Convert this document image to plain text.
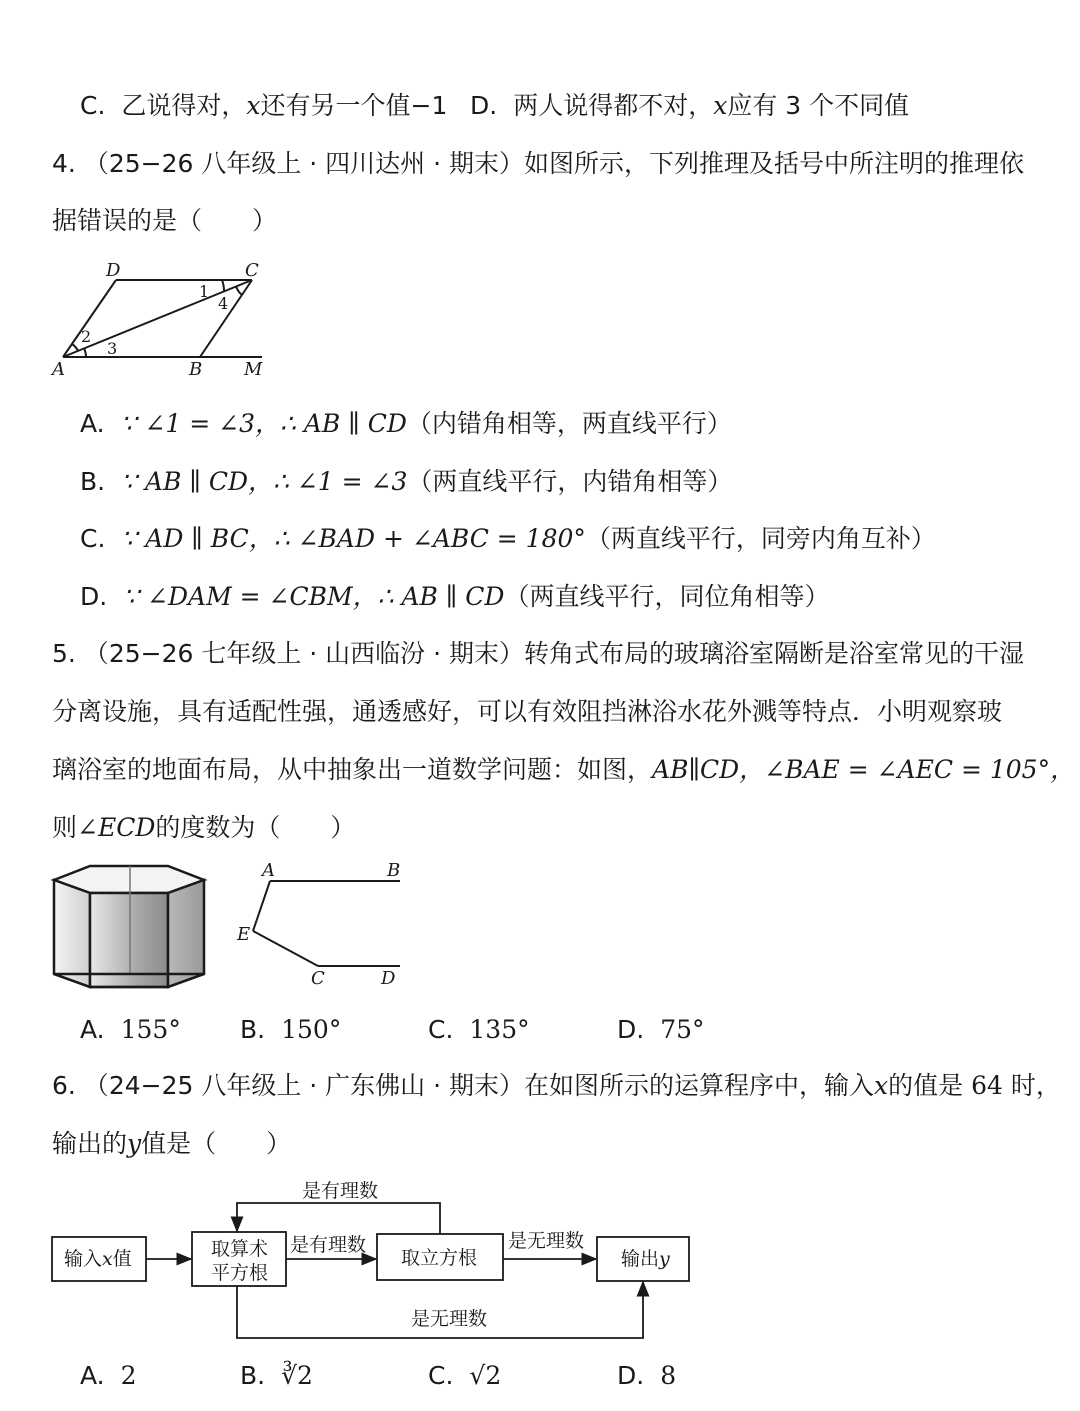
C. 乙说得对，x还有另一个值−1 D. 两人说得都不对，x应有 3 个不同值
4. （25−26 八年级上 · 四川达州 · 期末）如图所示，下列推理及括号中所注明的推理依
据错误的是（　　）
D	C
A	B M
1
4
2
3
A. ∵ ∠1 = ∠3，∴ AB ∥ CD（内错角相等，两直线平行）
B. ∵ AB ∥ CD，∴ ∠1 = ∠3（两直线平行，内错角相等）
C. ∵ AD ∥ BC，∴ ∠BAD + ∠ABC = 180°（两直线平行，同旁内角互补）
D. ∵ ∠DAM = ∠CBM，∴ AB ∥ CD（两直线平行，同位角相等）
5. （25−26 七年级上 · 山西临汾 · 期末）转角式布局的玻璃浴室隔断是浴室常见的干湿
分离设施，具有适配性强，通透感好，可以有效阻挡淋浴水花外溅等特点．小明观察玻
璃浴室的地面布局，从中抽象出一道数学问题：如图，AB∥CD，∠BAE = ∠AEC = 105°，
则∠ECD的度数为（　　）
A	B
E
C	D
A. 155° B. 150°	C. 135°	D. 75°
6. （24−25 八年级上 · 广东佛山 · 期末）在如图所示的运算程序中，输入x的值是 64 时，
输出的y值是（　　）
是有理数
是有理数	是无理数
是无理数
输入x值	取算术
平方根
取立方根	输出y
A. 2	B. ∛2	C. √2	D. 8
